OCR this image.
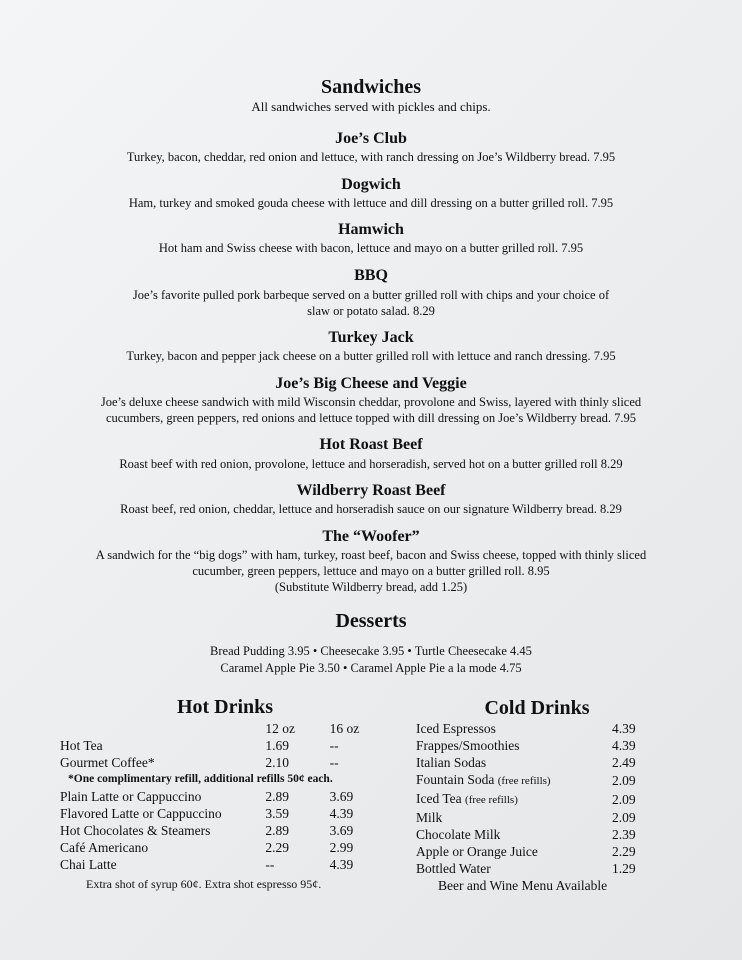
Sandwiches
All sandwiches served with pickles and chips.
Joe’s Club
Turkey, bacon, cheddar, red onion and lettuce, with ranch dressing on Joe’s Wildberry bread. 7.95
Dogwich
Ham, turkey and smoked gouda cheese with lettuce and dill dressing on a butter grilled roll. 7.95
Hamwich
Hot ham and Swiss cheese with bacon, lettuce and mayo on a butter grilled roll. 7.95
BBQ
Joe’s favorite pulled pork barbeque served on a butter grilled roll with chips and your choice of
slaw or potato salad. 8.29
Turkey Jack
Turkey, bacon and pepper jack cheese on a butter grilled roll with lettuce and ranch dressing. 7.95
Joe’s Big Cheese and Veggie
Joe’s deluxe cheese sandwich with mild Wisconsin cheddar, provolone and Swiss, layered with thinly sliced
cucumbers, green peppers, red onions and lettuce topped with dill dressing on Joe’s Wildberry bread. 7.95
Hot Roast Beef
Roast beef with red onion, provolone, lettuce and horseradish, served hot on a butter grilled roll 8.29
Wildberry Roast Beef
Roast beef, red onion, cheddar, lettuce and horseradish sauce on our signature Wildberry bread. 8.29
The “Woofer”
A sandwich for the “big dogs” with ham, turkey, roast beef, bacon and Swiss cheese, topped with thinly sliced
cucumber, green peppers, lettuce and mayo on a butter grilled roll. 8.95
(Substitute Wildberry bread, add 1.25)
Desserts
Bread Pudding 3.95 • Cheesecake 3.95 • Turtle Cheesecake 4.45
Caramel Apple Pie 3.50 • Caramel Apple Pie a la mode 4.75
Hot Drinks
	12 oz	16 oz
Hot Tea	1.69	--
Gourmet Coffee*	2.10	--
*One complimentary refill, additional refills 50¢ each.		
Plain Latte or Cappuccino	2.89	3.69
Flavored Latte or Cappuccino	3.59	4.39
Hot Chocolates & Steamers	2.89	3.69
Café Americano	2.29	2.99
Chai Latte	--	4.39
Extra shot of syrup 60¢. Extra shot espresso 95¢.		
Cold Drinks
Iced Espressos	4.39
Frappes/Smoothies	4.39
Italian Sodas	2.49
Fountain Soda (free refills)	2.09
Iced Tea (free refills)	2.09
Milk	2.09
Chocolate Milk	2.39
Apple or Orange Juice	2.29
Bottled Water	1.29
Beer and Wine Menu Available
